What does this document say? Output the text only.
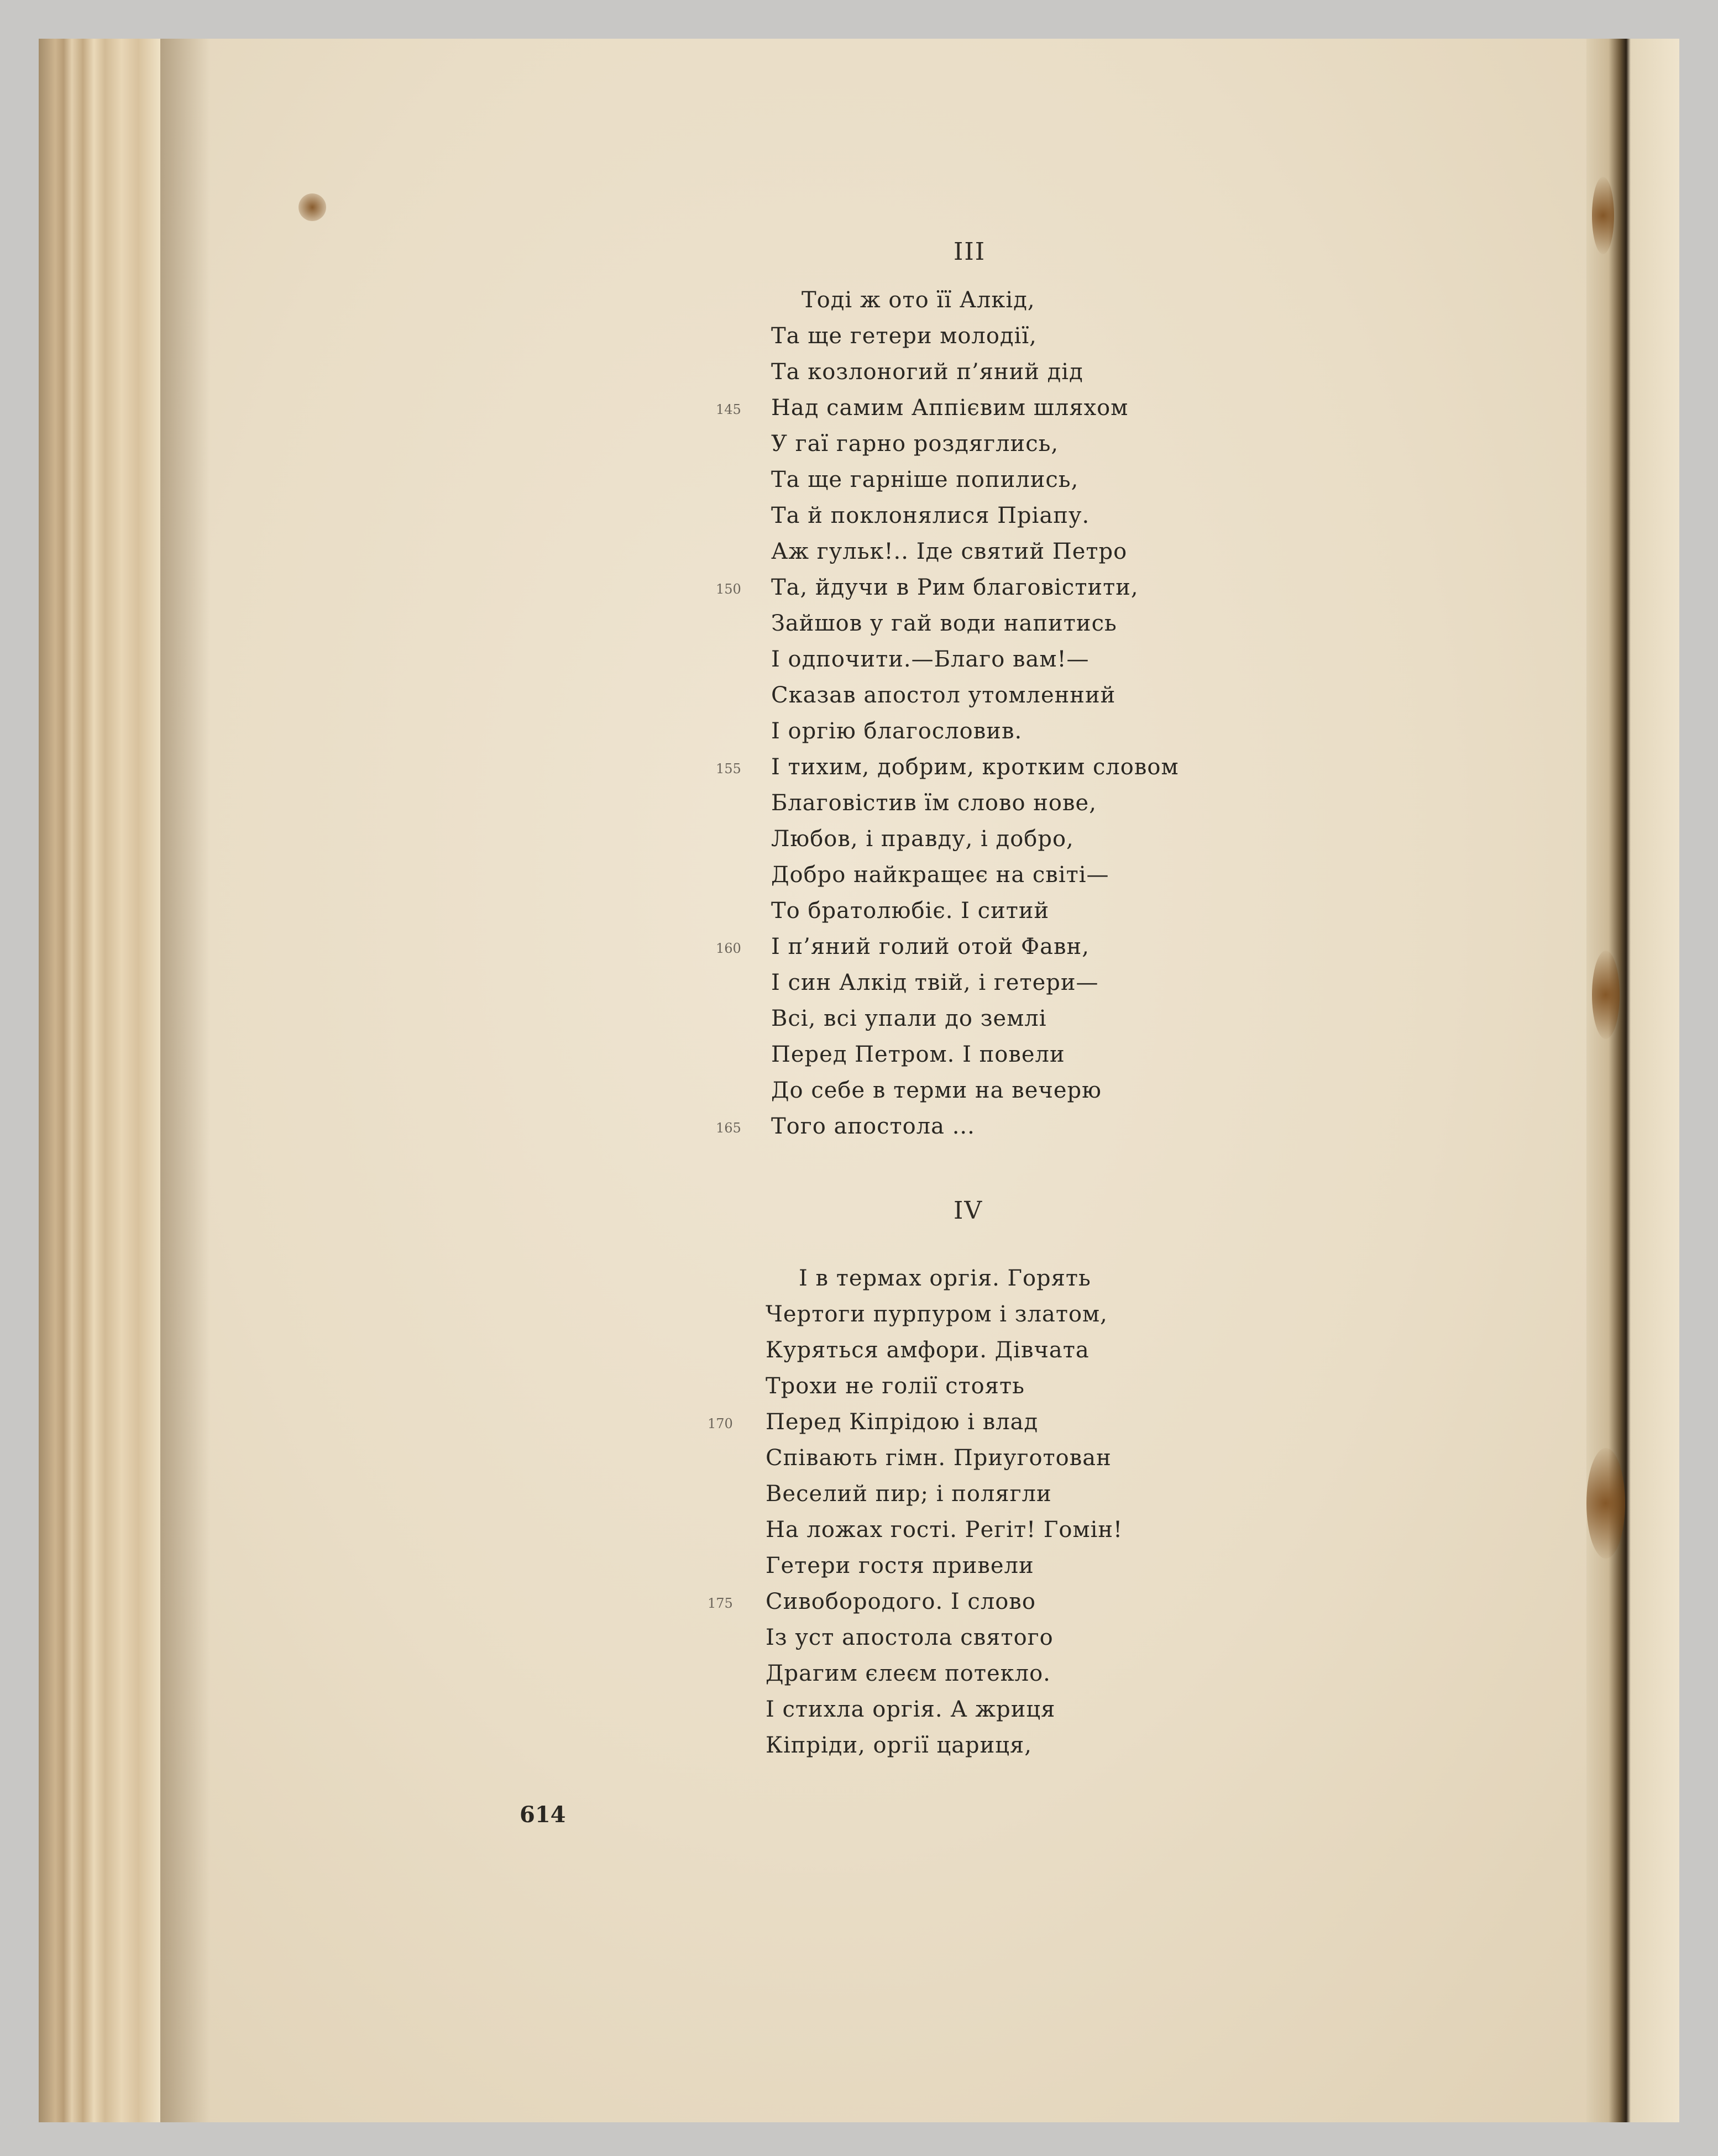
III
Тоді ж ото її Алкід,
Та ще гетери молодії,
Та козлоногий п’яний дід
Над самим Аппієвим шляхом
У гаї гарно роздяглись,
Та ще гарніше попились,
Та й поклонялися Пріапу.
Аж гульк!.. Іде святий Петро
Та, йдучи в Рим благовістити,
Зайшов у гай води напитись
І одпочити.—Благо вам!—
Сказав апостол утомленний
І оргію благословив.
І тихим, добрим, кротким словом
Благовістив їм слово нове,
Любов, і правду, і добро,
Добро найкращеє на світі—
То братолюбіє. І ситий
І п’яний голий отой Фавн,
І син Алкід твій, і гетери—
Всі, всі упали до землі
Перед Петром. І повели
До себе в терми на вечерю
Того апостола ...
145
150
155
160
165
IV
І в термах оргія. Горять
Чертоги пурпуром і златом,
Куряться амфори. Дівчата
Трохи не голії стоять
Перед Кіпрідою і влад
Співають гімн. Приуготован
Веселий пир; і полягли
На ложах гості. Регіт! Гомін!
Гетери гостя привели
Сивобородого. І слово
Із уст апостола святого
Драгим єлеєм потекло.
І стихла оргія. А жриця
Кіпріди, оргії цариця,
170
175
614
